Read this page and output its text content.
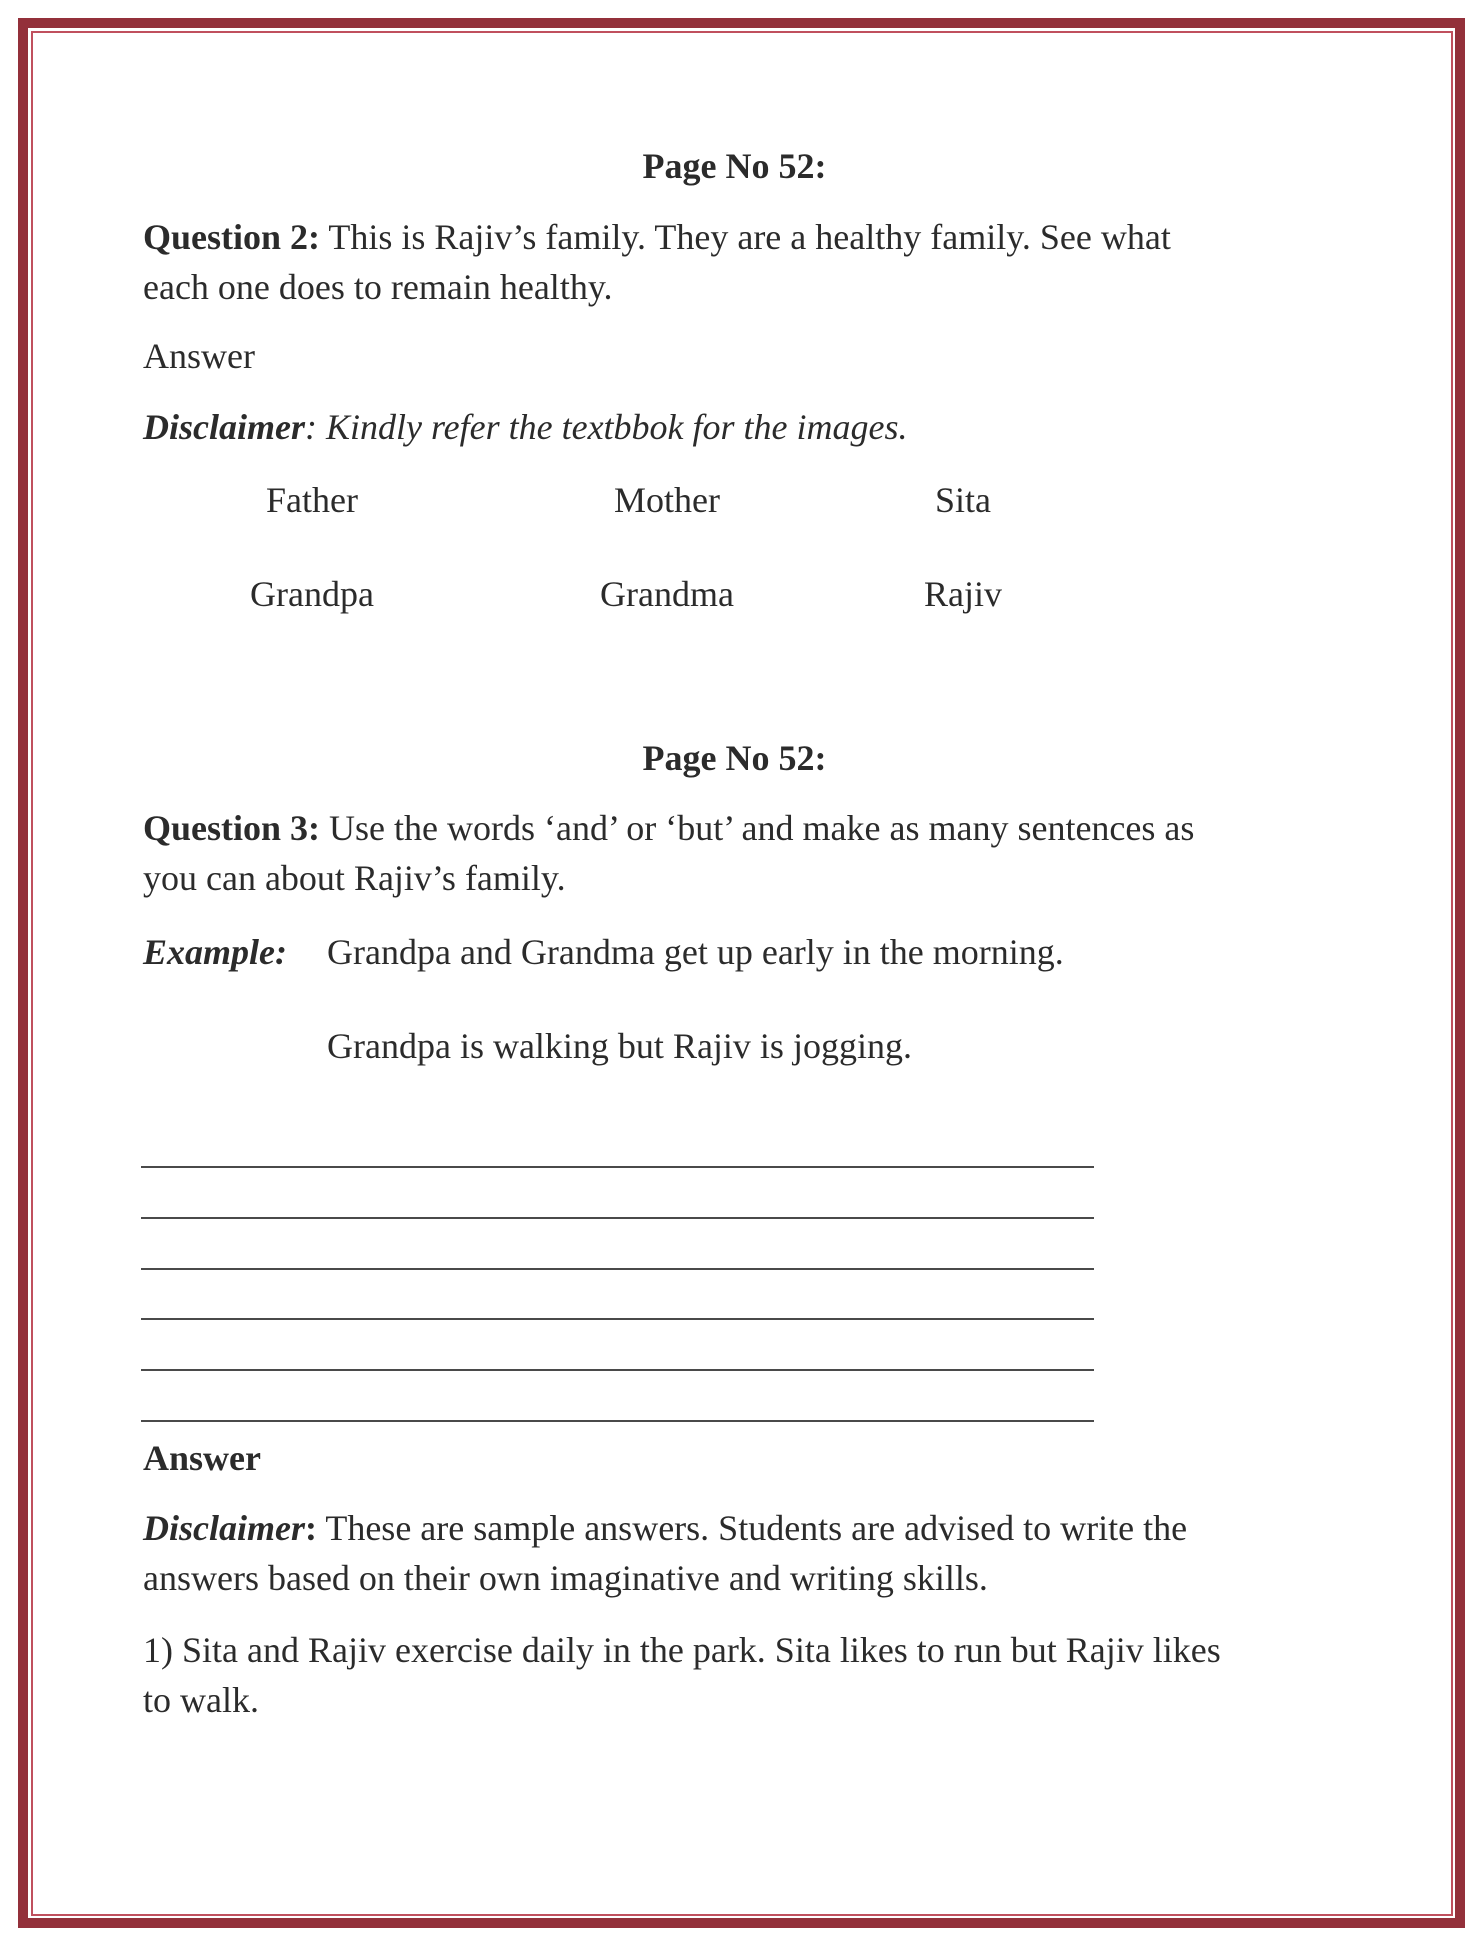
Page No 52:
Question 2: This is Rajiv’s family. They are a healthy family. See what
each one does to remain healthy.
Answer
Disclaimer: Kindly refer the textbbok for the images.
Father	Mother	Sita
Grandpa	Grandma	Rajiv
Page No 52:
Question 3: Use the words ‘and’ or ‘but’ and make as many sentences as
you can about Rajiv’s family.
Example: Grandpa and Grandma get up early in the morning.
Grandpa is walking but Rajiv is jogging.
Answer
Disclaimer: These are sample answers. Students are advised to write the
answers based on their own imaginative and writing skills.
1) Sita and Rajiv exercise daily in the park. Sita likes to run but Rajiv likes
to walk.
